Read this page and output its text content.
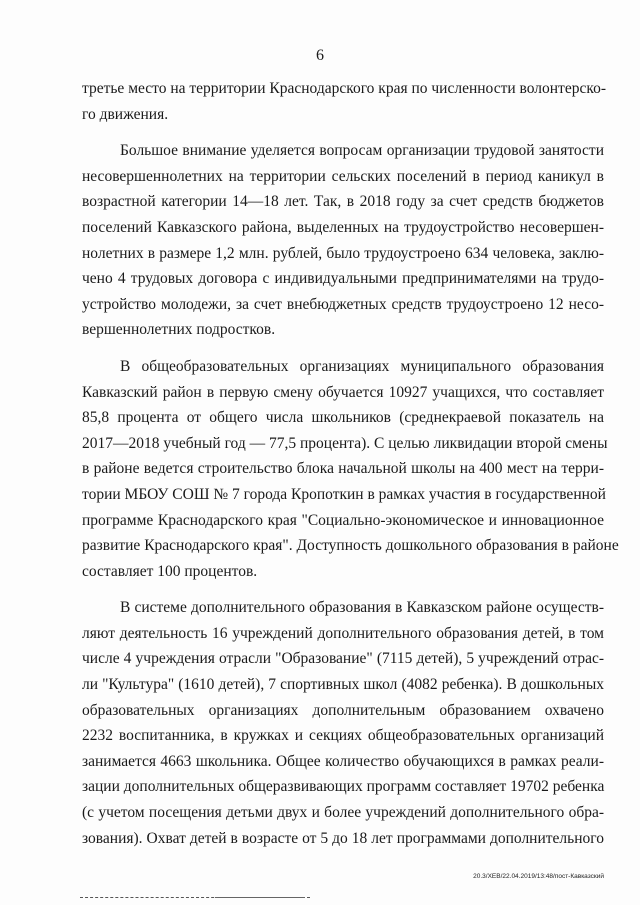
6
третье место на территории Краснодарского края по численности волонтерско-
го движения.
Большое внимание уделяется вопросам организации трудовой занятости
несовершеннолетних на территории сельских поселений в период каникул в
возрастной категории 14—18 лет. Так, в 2018 году за счет средств бюджетов
поселений Кавказского района, выделенных на трудоустройство несовершен-
нолетних в размере 1,2 млн. рублей, было трудоустроено 634 человека, заклю-
чено 4 трудовых договора с индивидуальными предпринимателями на трудо-
устройство молодежи, за счет внебюджетных средств трудоустроено 12 несо-
вершеннолетних подростков.
В общеобразовательных организациях муниципального образования
Кавказский район в первую смену обучается 10927 учащихся, что составляет
85,8 процента от общего числа школьников (среднекраевой показатель на
2017—2018 учебный год — 77,5 процента). С целью ликвидации второй смены
в районе ведется строительство блока начальной школы на 400 мест на терри-
тории МБОУ СОШ № 7 города Кропоткин в рамках участия в государственной
программе Краснодарского края "Социально-экономическое и инновационное
развитие Краснодарского края". Доступность дошкольного образования в районе
составляет 100 процентов.
В системе дополнительного образования в Кавказском районе осуществ-
ляют деятельность 16 учреждений дополнительного образования детей, в том
числе 4 учреждения отрасли "Образование" (7115 детей), 5 учреждений отрас-
ли "Культура" (1610 детей), 7 спортивных школ (4082 ребенка). В дошкольных
образовательных организациях дополнительным образованием охвачено
2232 воспитанника, в кружках и секциях общеобразовательных организаций
занимается 4663 школьника. Общее количество обучающихся в рамках реали-
зации дополнительных общеразвивающих программ составляет 19702 ребенка
(с учетом посещения детьми двух и более учреждений дополнительного обра-
зования). Охват детей в возрасте от 5 до 18 лет программами дополнительного
20.3/ХЕВ/22.04.2019/13:48/пост-Кавказский
